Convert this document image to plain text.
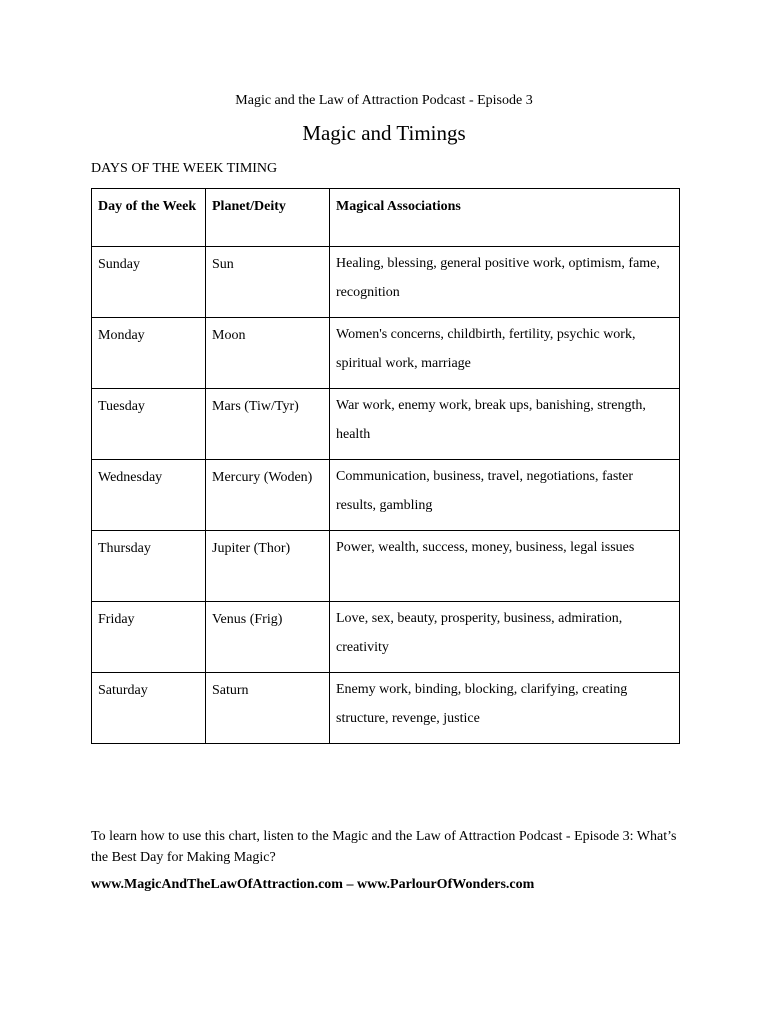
Magic and the Law of Attraction Podcast - Episode 3
Magic and Timings
DAYS OF THE WEEK TIMING
Day of the Week	Planet/Deity	Magical Associations
Sunday	Sun	Healing, blessing, general positive work, optimism, fame, recognition
Monday	Moon	Women's concerns, childbirth, fertility, psychic work, spiritual work, marriage
Tuesday	Mars (Tiw/Tyr)	War work, enemy work, break ups, banishing, strength, health
Wednesday	Mercury (Woden)	Communication, business, travel, negotiations, faster results, gambling
Thursday	Jupiter (Thor)	Power, wealth, success, money, business, legal issues
Friday	Venus (Frig)	Love, sex, beauty, prosperity, business, admiration, creativity
Saturday	Saturn	Enemy work, binding, blocking, clarifying, creating structure, revenge, justice
To learn how to use this chart, listen to the Magic and the Law of Attraction Podcast - Episode 3: What’s the Best Day for Making Magic?
www.MagicAndTheLawOfAttraction.com – www.ParlourOfWonders.com
